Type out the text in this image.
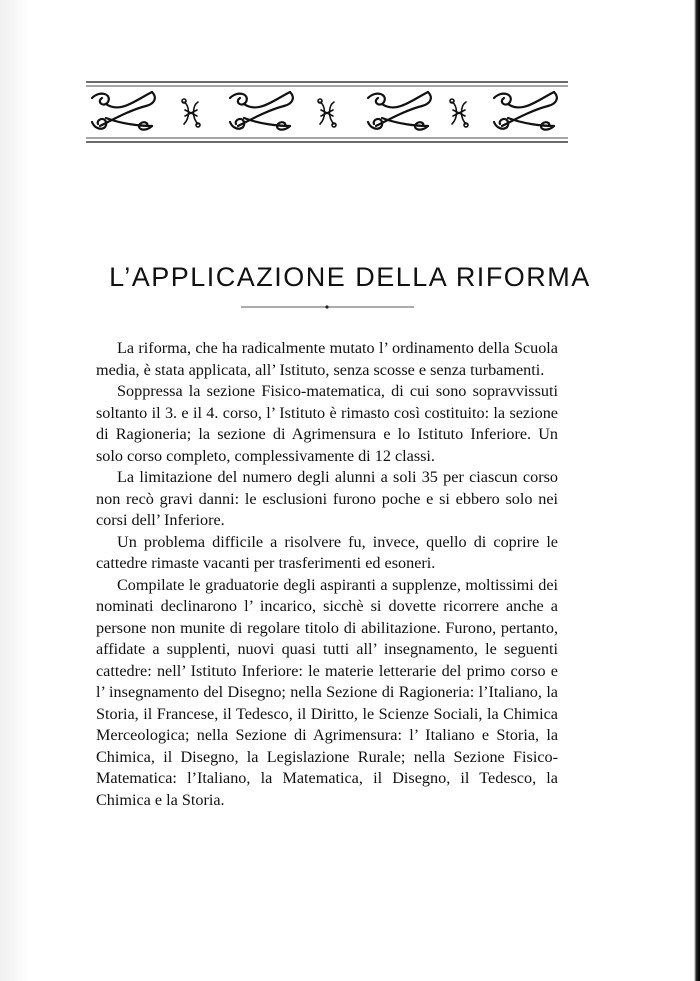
L’APPLICAZIONE DELLA RIFORMA

La riforma, che ha radicalmente mutato l’ ordinamento della Scuola media, è stata applicata, all’ Istituto, senza scosse e senza turbamenti.

Soppressa la sezione Fisico-matematica, di cui sono sopravvissuti soltanto il 3. e il 4. corso, l’ Istituto è rimasto così costituito: la sezione di Ragioneria; la sezione di Agrimensura e lo Istituto Inferiore. Un solo corso completo, complessivamente di 12 classi.

La limitazione del numero degli alunni a soli 35 per ciascun corso non recò gravi danni: le esclusioni furono poche e si ebbero solo nei corsi dell’ Inferiore.

Un problema difficile a risolvere fu, invece, quello di coprire le cattedre rimaste vacanti per trasferimenti ed esoneri.

Compilate le graduatorie degli aspiranti a supplenze, moltissimi dei nominati declinarono l’ incarico, sicchè si dovette ricorrere anche a persone non munite di regolare titolo di abilitazione. Furono, pertanto, affidate a supplenti, nuovi quasi tutti all’ insegnamento, le seguenti cattedre: nell’ Istituto Inferiore: le materie letterarie del primo corso e l’ insegnamento del Disegno; nella Sezione di Ragioneria: l’Italiano, la Storia, il Francese, il Tedesco, il Diritto, le Scienze Sociali, la Chimica Merceologica; nella Sezione di Agrimensura: l’ Italiano e Storia, la Chimica, il Disegno, la Legislazione Rurale; nella Sezione Fisico-Matematica: l’Italiano, la Matematica, il Disegno, il Tedesco, la Chimica e la Storia.
